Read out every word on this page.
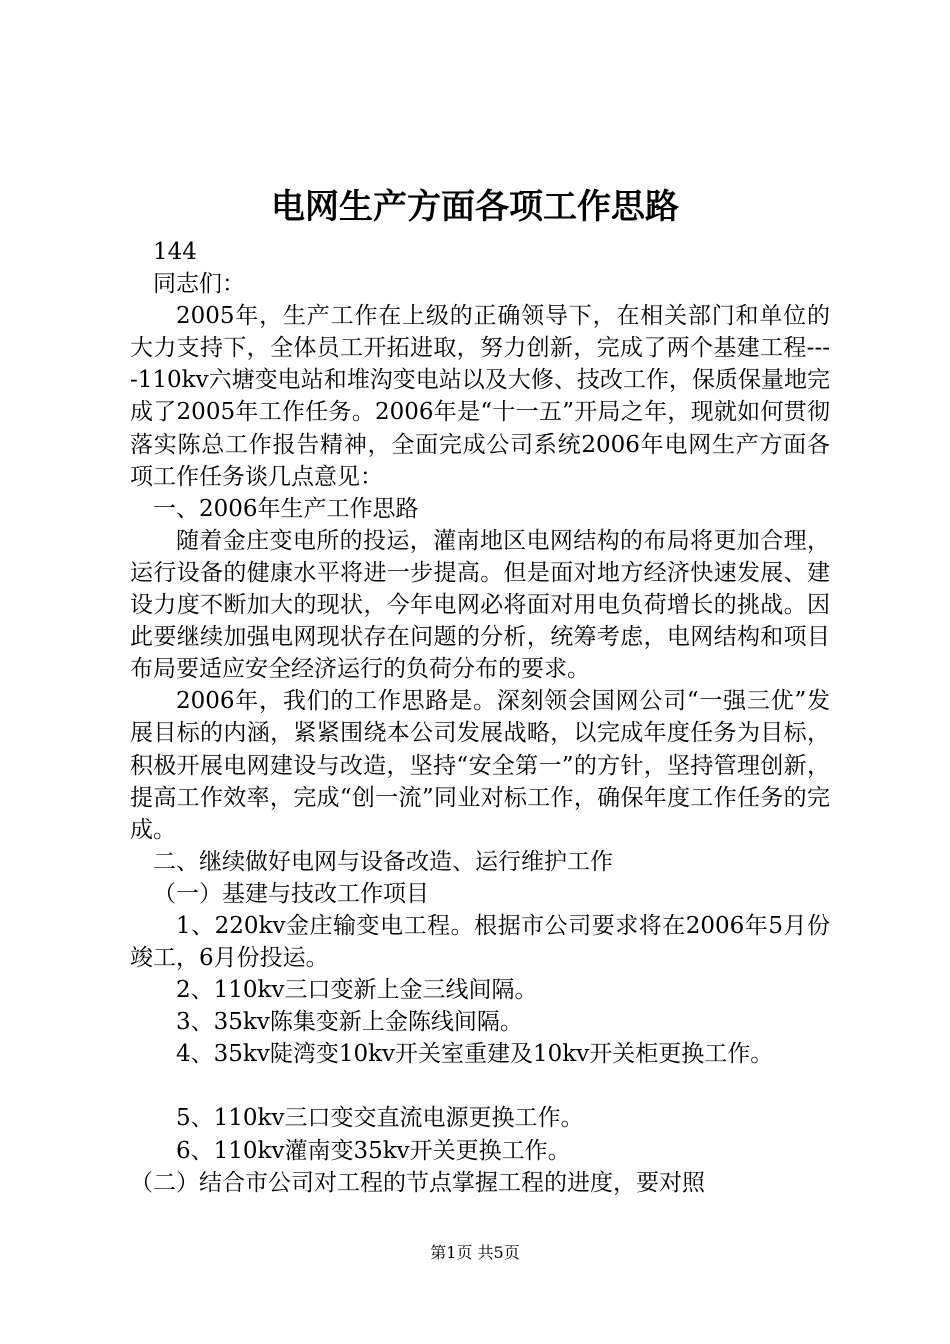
电网生产方面各项工作思路

144

同志们：

2005年，生产工作在上级的正确领导下，在相关部门和单位的大力支持下，全体员工开拓进取，努力创新，完成了两个基建工程----110kv六塘变电站和堆沟变电站以及大修、技改工作，保质保量地完成了2005年工作任务。2006年是“十一五”开局之年，现就如何贯彻落实陈总工作报告精神，全面完成公司系统2006年电网生产方面各项工作任务谈几点意见：

一、2006年生产工作思路

随着金庄变电所的投运，灌南地区电网结构的布局将更加合理，运行设备的健康水平将进一步提高。但是面对地方经济快速发展、建设力度不断加大的现状，今年电网必将面对用电负荷增长的挑战。因此要继续加强电网现状存在问题的分析，统筹考虑，电网结构和项目布局要适应安全经济运行的负荷分布的要求。

2006年，我们的工作思路是。深刻领会国网公司“一强三优”发展目标的内涵，紧紧围绕本公司发展战略，以完成年度任务为目标，积极开展电网建设与改造，坚持“安全第一”的方针，坚持管理创新，提高工作效率，完成“创一流”同业对标工作，确保年度工作任务的完成。

二、继续做好电网与设备改造、运行维护工作

（一）基建与技改工作项目

1、220kv金庄输变电工程。根据市公司要求将在2006年5月份竣工，6月份投运。

2、110kv三口变新上金三线间隔。

3、35kv陈集变新上金陈线间隔。

4、35kv陡湾变10kv开关室重建及10kv开关柜更换工作。

5、110kv三口变交直流电源更换工作。

6、110kv灌南变35kv开关更换工作。

（二）结合市公司对工程的节点掌握工程的进度，要对照

第1页 共5页
